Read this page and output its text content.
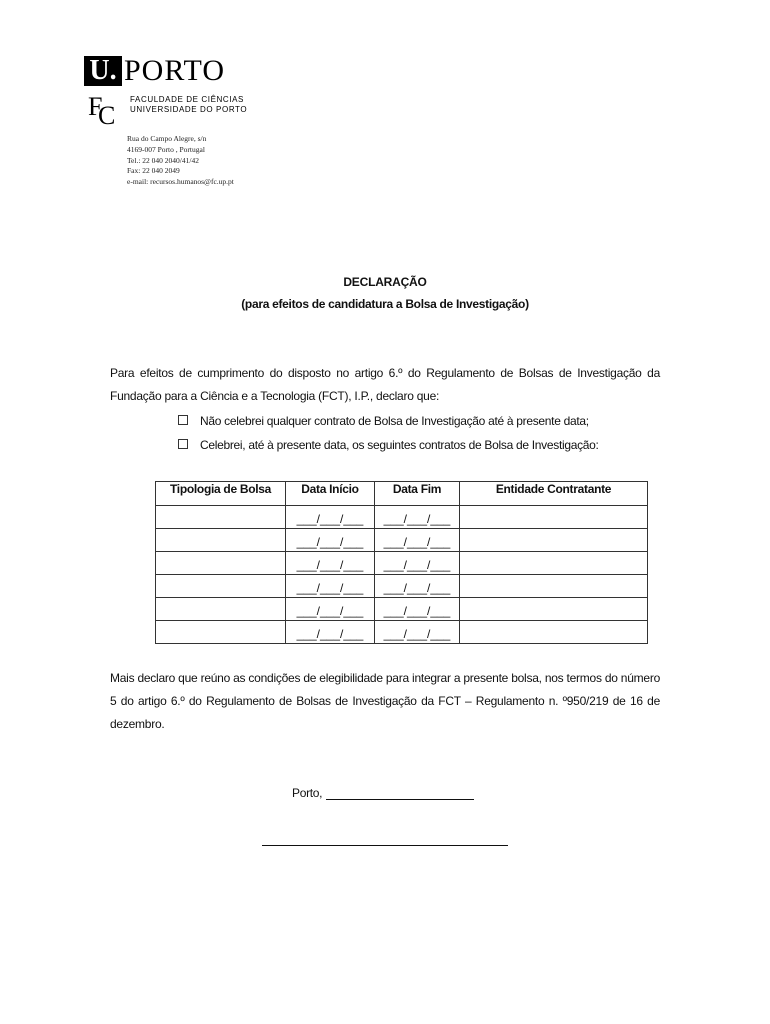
U. PORTO
F
C
FACULDADE DE CIÊNCIAS
UNIVERSIDADE DO PORTO
Rua do Campo Alegre, s/n
4169-007 Porto , Portugal
Tel.: 22 040 2040/41/42
Fax: 22 040 2049
e-mail: recursos.humanos@fc.up.pt
DECLARAÇÃO
(para efeitos de candidatura a Bolsa de Investigação)
Para efeitos de cumprimento do disposto no artigo 6.º do Regulamento de Bolsas de Investigação da Fundação para a Ciência e a Tecnologia (FCT), I.P., declaro que:
Não celebrei qualquer contrato de Bolsa de Investigação até à presente data;
Celebrei, até à presente data, os seguintes contratos de Bolsa de Investigação:
Tipologia de Bolsa	Data Início	Data Fim	Entidade Contratante
	___/___/___	___/___/___	
	___/___/___	___/___/___	
	___/___/___	___/___/___	
	___/___/___	___/___/___	
	___/___/___	___/___/___	
	___/___/___	___/___/___	
Mais declaro que reúno as condições de elegibilidade para integrar a presente bolsa, nos termos do número 5 do artigo 6.º do Regulamento de Bolsas de Investigação da FCT – Regulamento n. º950/219 de 16 de dezembro.
Porto,
